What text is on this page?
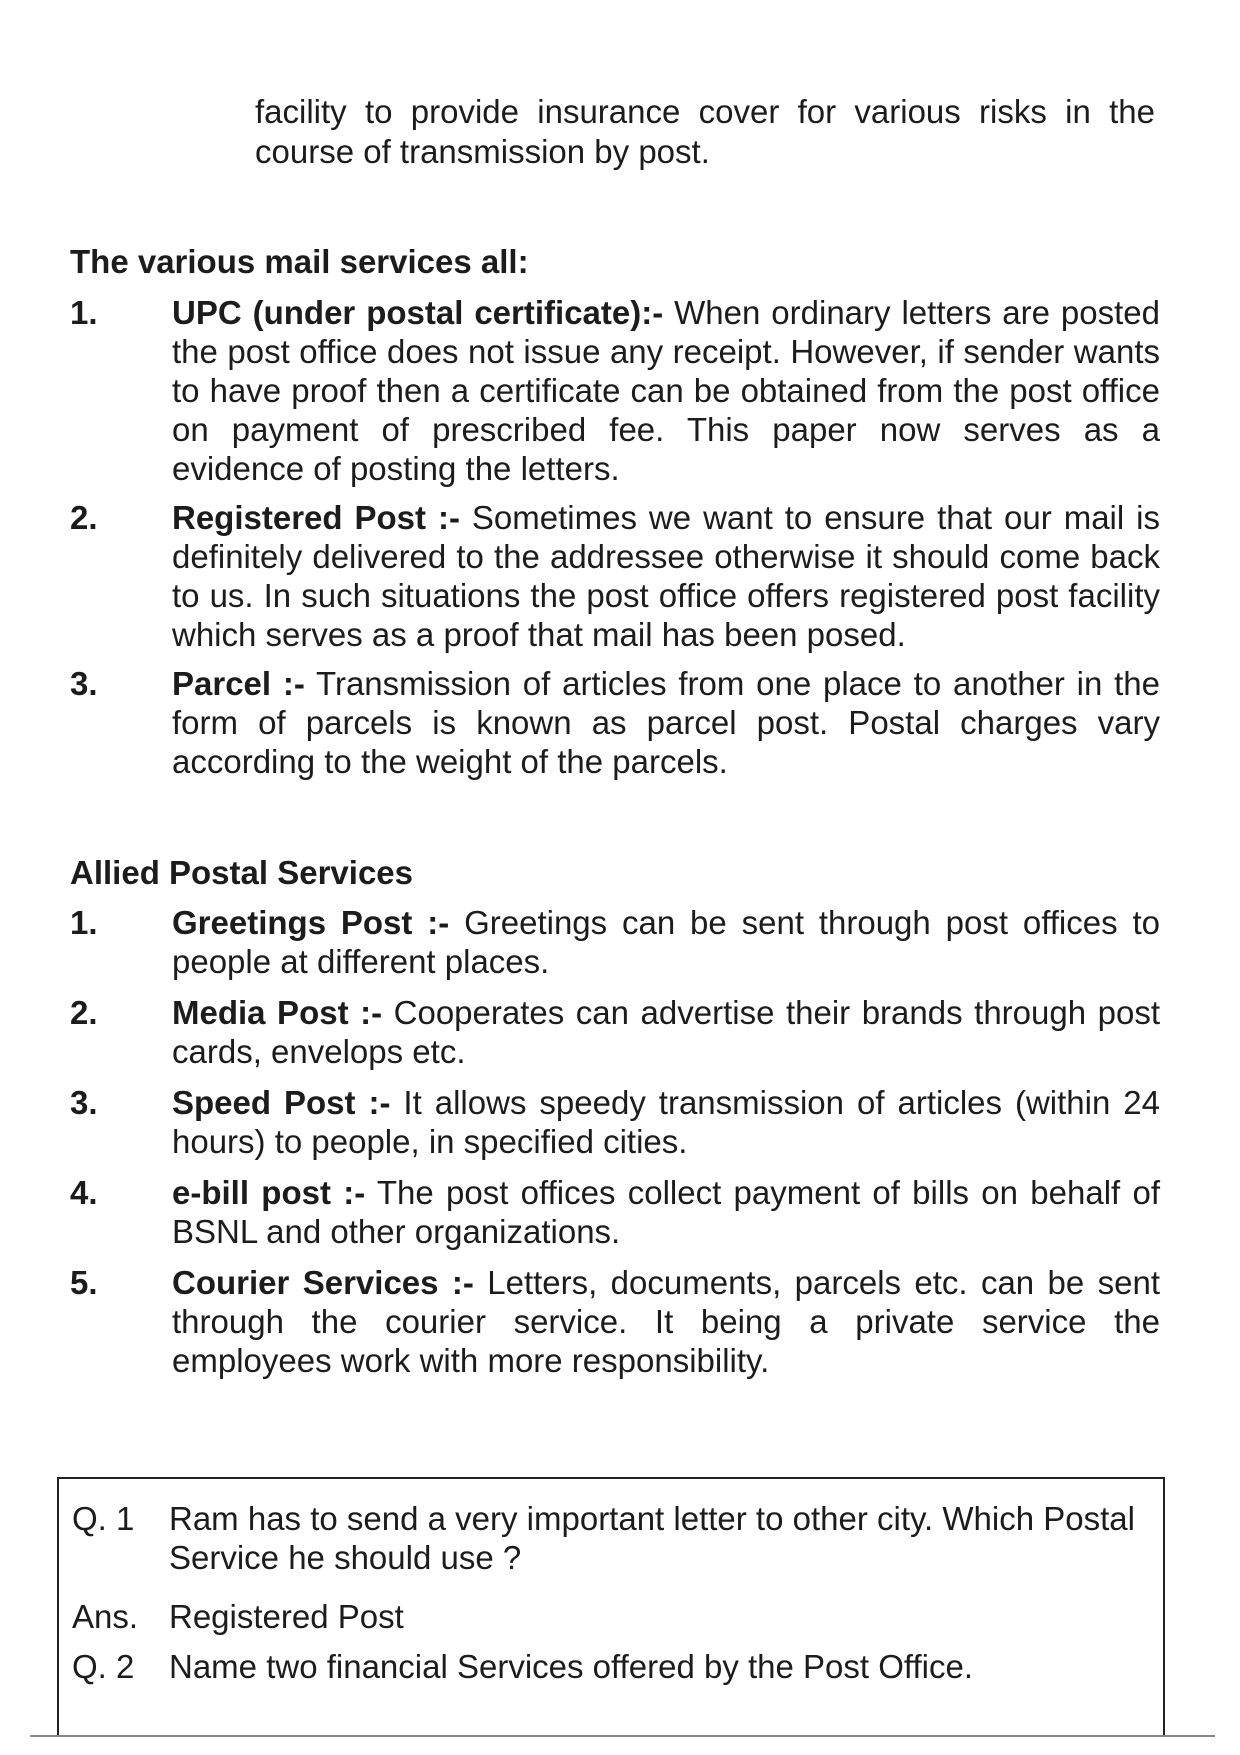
facility to provide insurance cover for various risks in the course of transmission by post.
The various mail services all:
1.	UPC (under postal certificate):- When ordinary letters are posted the post office does not issue any receipt. However, if sender wants to have proof then a certificate can be obtained from the post office on payment of prescribed fee. This paper now serves as a evidence of posting the letters.
2.	Registered Post :- Sometimes we want to ensure that our mail is definitely delivered to the addressee otherwise it should come back to us. In such situations the post office offers registered post facility which serves as a proof that mail has been posed.
3.	Parcel :- Transmission of articles from one place to another in the form of parcels is known as parcel post. Postal charges vary according to the weight of the parcels.
Allied Postal Services
1.	Greetings Post :- Greetings can be sent through post offices to people at different places.
2.	Media Post :- Cooperates can advertise their brands through post cards, envelops etc.
3.	Speed Post :- It allows speedy transmission of articles (within 24 hours) to people, in specified cities.
4.	e-bill post :- The post offices collect payment of bills on behalf of BSNL and other organizations.
5.	Courier Services :- Letters, documents, parcels etc. can be sent through the courier service. It being a private service the employees work with more responsibility.
Q. 1	Ram has to send a very important letter to other city. Which Postal Service he should use ?
Ans. Registered Post
Q. 2	Name two financial Services offered by the Post Office.
